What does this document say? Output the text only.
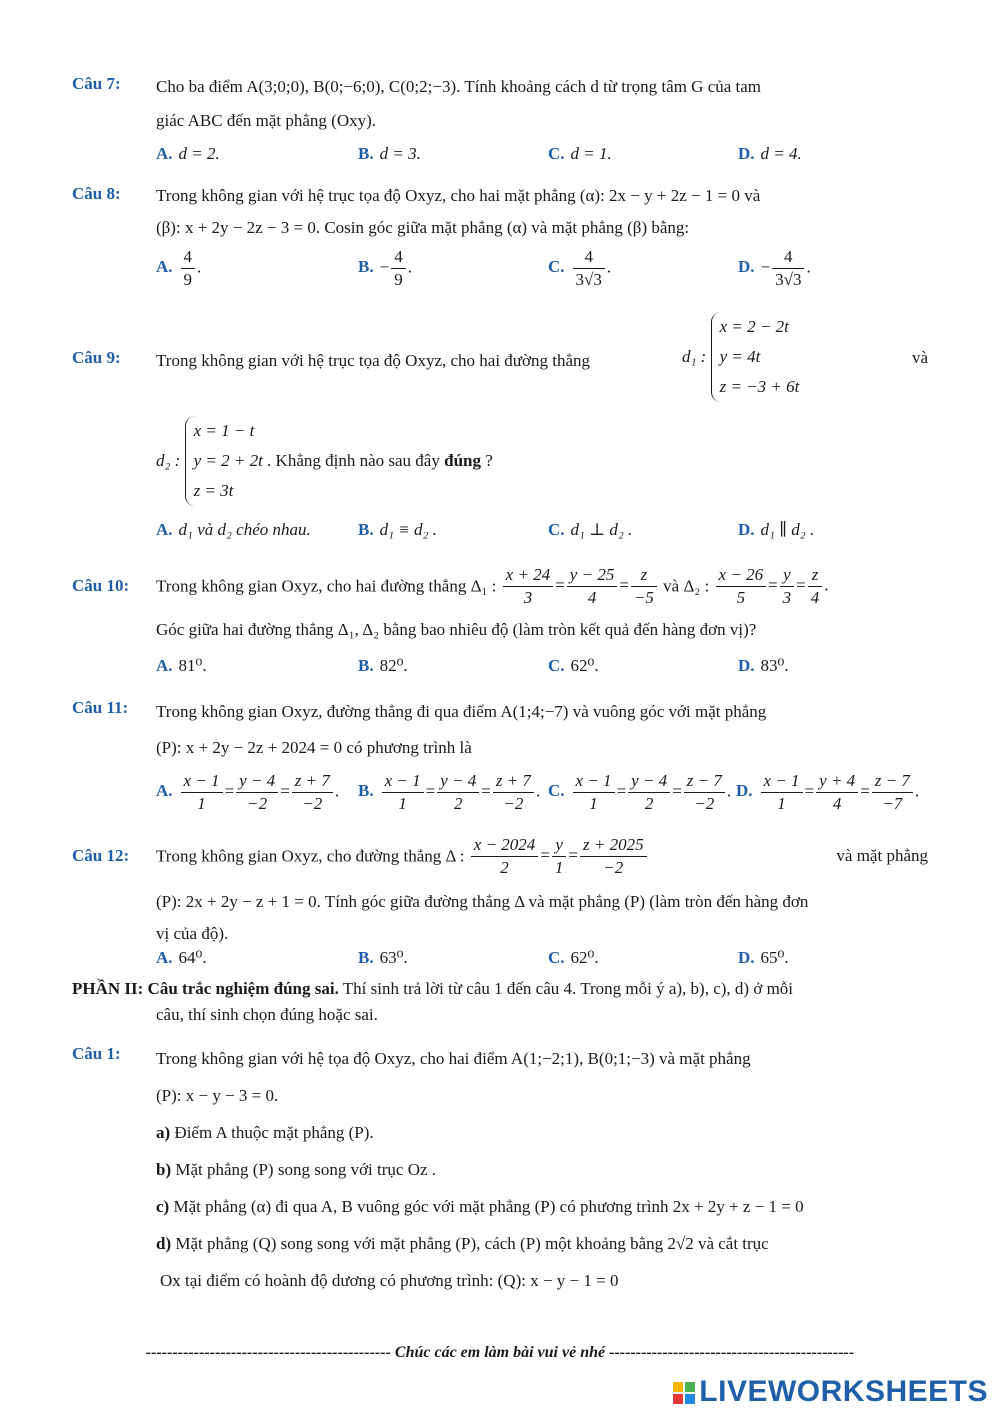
Câu 7: Cho ba điểm A(3;0;0), B(0;−6;0), C(0;2;−3). Tính khoảng cách d từ trọng tâm G của tam
giác ABC đến mặt phẳng (Oxy).
A. d = 2.	B. d = 3.	C. d = 1.	D. d = 4.
Câu 8: Trong không gian với hệ trục tọa độ Oxyz, cho hai mặt phẳng (α): 2x − y + 2z − 1 = 0 và
(β): x + 2y − 2z − 3 = 0. Cosin góc giữa mặt phẳng (α) và mặt phẳng (β) bằng:
A. $\frac{4}{9}$ .	B. − $\frac{4}{9}$ .	C. $\frac{4}{3√3}$ .	D. − $\frac{4}{3√3}$ .
Câu 9: Trong không gian với hệ trục tọa độ Oxyz, cho hai đường thẳng	d₁ :
x = 2 − 2t
y = 4t
z = −3 + 6t
và
d₂ :
x = 1 − t
y = 2 + 2t
z = 3t
. Khẳng định nào sau đây đúng ?
A. d₁ và d₂ chéo nhau.	B. d₁ ≡ d₂ .	C. d₁ ⊥ d₂ .	D. d₁ ∥ d₂ .
Câu 10: Trong không gian Oxyz, cho hai đường thẳng Δ₁ : $\frac{x + 24}{3} = \frac{y - 25}{4} = \frac{z}{-5}$ và Δ₂ : $\frac{x - 26}{5} = \frac{y}{3} = \frac{z}{4}$ .
Góc giữa hai đường thẳng Δ₁, Δ₂ bằng bao nhiêu độ (làm tròn kết quả đến hàng đơn vị)?
A. 81⁰.	B. 82⁰.	C. 62⁰.	D. 83⁰.
Câu 11: Trong không gian Oxyz, đường thẳng đi qua điểm A(1;4;−7) và vuông góc với mặt phẳng
(P): x + 2y − 2z + 2024 = 0 có phương trình là
A. $\frac{x - 1}{1} = \frac{y - 4}{-2} = \frac{z + 7}{-2}$ . B. $\frac{x - 1}{1} = \frac{y - 4}{2} = \frac{z + 7}{-2}$ . C. $\frac{x - 1}{1} = \frac{y - 4}{2} = \frac{z - 7}{-2}$ . D. $\frac{x - 1}{1} = \frac{y + 4}{4} = \frac{z - 7}{-7}$ .
Câu 12: Trong không gian Oxyz, cho đường thẳng Δ : $\frac{x - 2024}{2} = \frac{y}{1} = \frac{z + 2025}{-2}$	và mặt phẳng
(P): 2x + 2y − z + 1 = 0. Tính góc giữa đường thẳng Δ và mặt phẳng (P) (làm tròn đến hàng đơn
vị của độ).
A. 64⁰.	B. 63⁰.	C. 62⁰.	D. 65⁰.
PHẦN II: Câu trắc nghiệm đúng sai. Thí sinh trả lời từ câu 1 đến câu 4. Trong mỗi ý a), b), c), d) ở mỗi
câu, thí sinh chọn đúng hoặc sai.
Câu 1: Trong không gian với hệ tọa độ Oxyz, cho hai điểm A(1;−2;1), B(0;1;−3) và mặt phẳng
(P): x − y − 3 = 0.
a) Điểm A thuộc mặt phẳng (P).
b) Mặt phẳng (P) song song với trục Oz .
c) Mặt phẳng (α) đi qua A, B vuông góc với mặt phẳng (P) có phương trình 2x + 2y + z − 1 = 0
d) Mặt phẳng (Q) song song với mặt phẳng (P), cách (P) một khoảng bằng 2√2 và cắt trục
Ox tại điểm có hoành độ dương có phương trình: (Q): x − y − 1 = 0
---------------------------------------------- Chúc các em làm bài vui vẻ nhé ----------------------------------------------
LIVEWORKSHEETS
